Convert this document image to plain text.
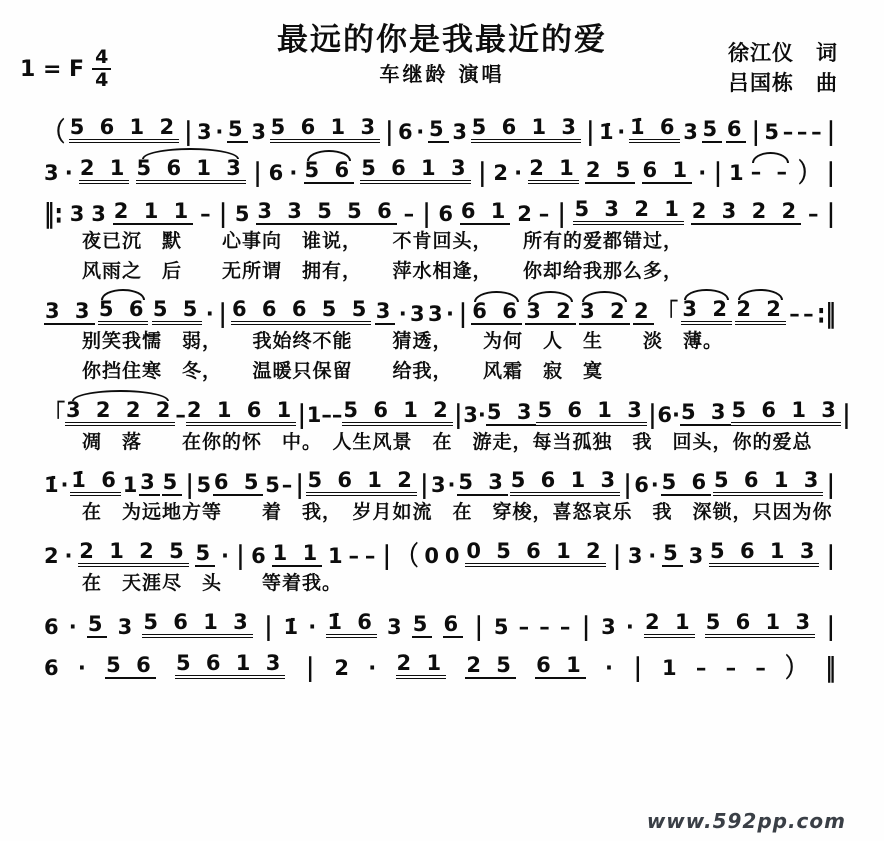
1 = F $\frac{4}{4}$
最远的你是我最近的爱
车继龄 演唱
徐江仪　词
吕国栋　曲
（ 5 6 1 2 ∣ 3 · 5 3 5 6 1 3 ∣ 6 · 5 3 5 6 1 3 ∣ 1̇ · 1̇ 6 3 5 6 ∣ 5 – – – ∣
3 · 2 1 5 6 1 3 ∣ 6 · 5 6 5 6 1 3 ∣ 2 · 2 1 2 5 6 1 · ∣ 1 – – ） ∣
‖: 3 3 2 1 1 – ∣ 5 3 3 5 5 6 – ∣ 6 6 1 2 – ∣ 5 3 2 1 2 3 2 2 – ∣
夜已沉　默　　心事向　谁说，　　不肯回头，　　所有的爱都错过，
风雨之　后　　无所谓　拥有，　　萍水相逢，　　你却给我那么多，
3 3 5 6 5 5 · ∣ 6 6 6 5 5 3 · 3 3 · ∣ 6 6 3 2 3 2 2 「 3 2 2 2 – – :‖
别笑我懦　弱，　　我始终不能　　猜透，　　为何　人　生　　淡　薄。
你挡住寒　冬，　　温暖只保留　　给我，　　风霜　寂　寞
「 3 2 2 2 – 2 1 6 1 ∣ 1 – – 5 6 1 2 ∣ 3 · 5 3 5 6 1 3 ∣ 6 · 5 3 5 6 1 3 ∣
凋　落　　在你的怀　中。　人生风景　在　游走，每当孤独　我　回头，你的爱总
1̇ · 1̇ 6 1 3 5 ∣ 5 6 5 5 – ∣ 5 6 1 2 ∣ 3 · 5 3 5 6 1 3 ∣ 6 · 5 6 5 6 1 3 ∣
在　为远地方等　　着　我，　岁月如流　在　穿梭，喜怒哀乐　我　深锁，只因为你
2 · 2 1 2 5 5 · ∣ 6 1 1 1 – – ∣ （ 0 0 0 5 6 1 2 ∣ 3 · 5 3 5 6 1 3 ∣
在　天涯尽　头　　等着我。
6 · 5 3 5 6 1 3 ∣ 1̇ · 1̇ 6 3 5 6 ∣ 5 – – – ∣ 3 · 2 1 5 6 1 3 ∣
6 · 5 6 5 6 1 3 ∣ 2 · 2 1 2 5 6 1 · ∣ 1 – – – ） ‖
www.592pp.com
